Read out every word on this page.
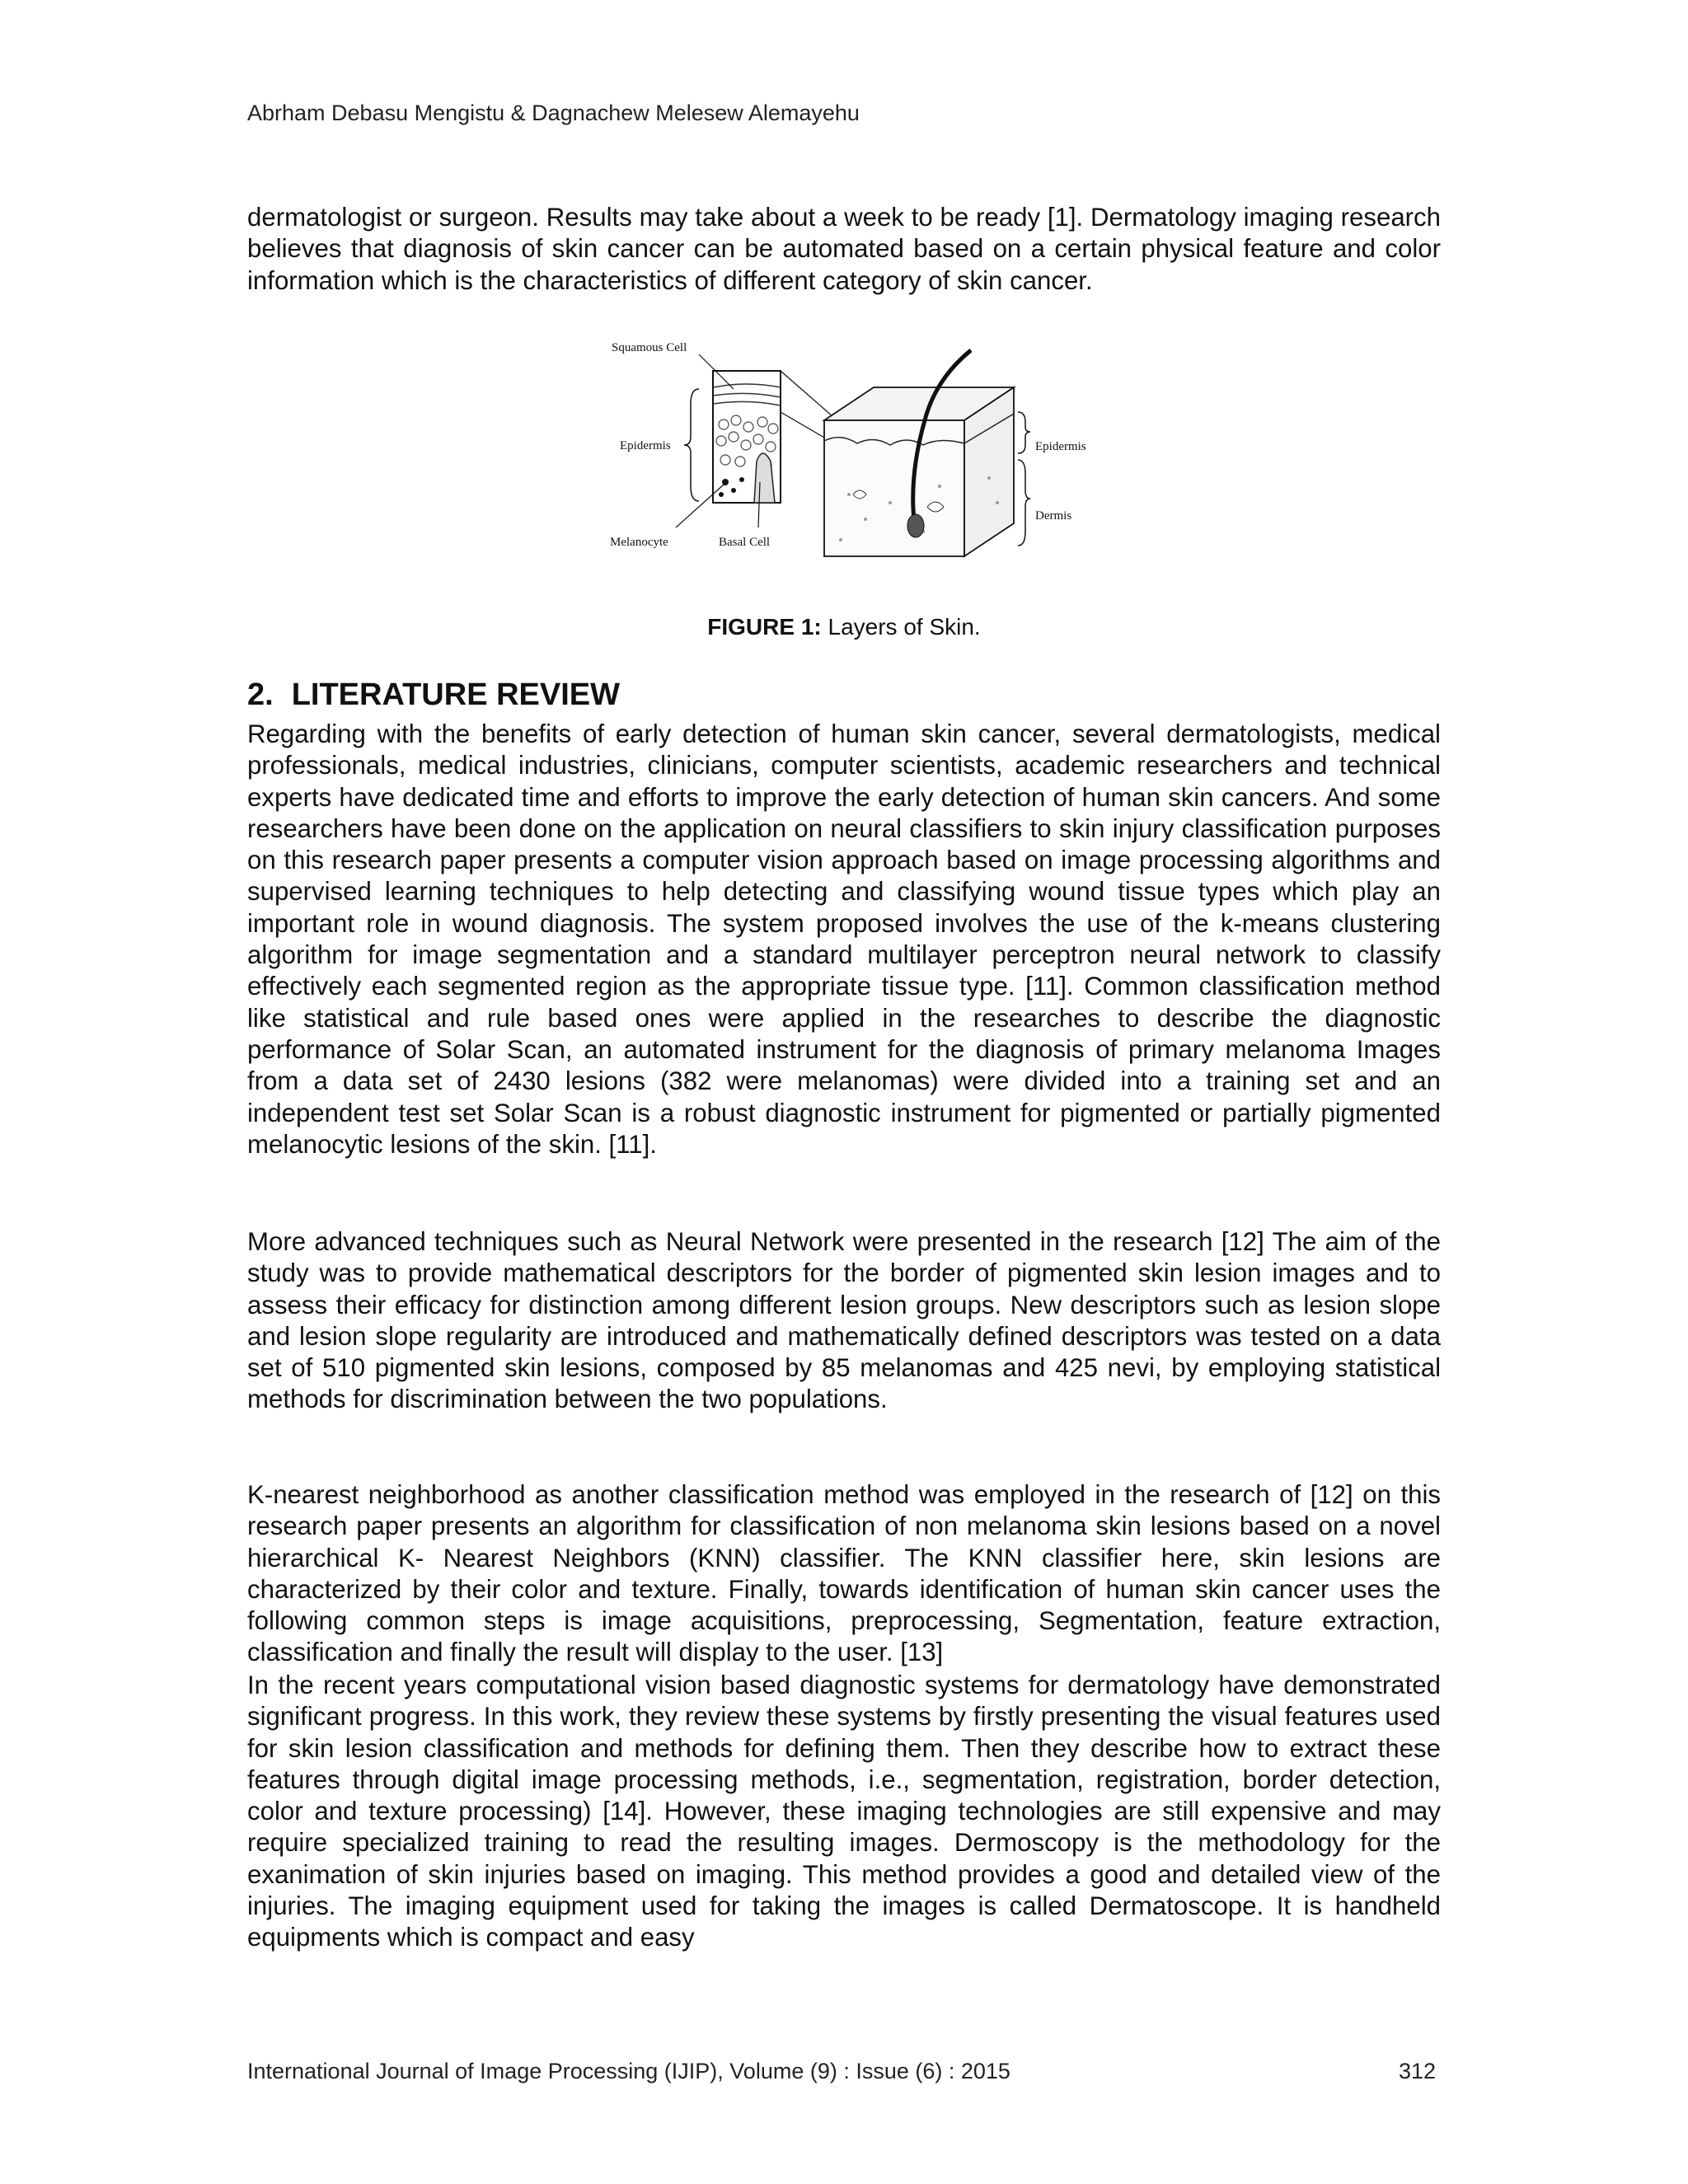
Abrham Debasu Mengistu & Dagnachew Melesew Alemayehu

dermatologist or surgeon. Results may take about a week to be ready [1]. Dermatology imaging research believes that diagnosis of skin cancer can be automated based on a certain physical feature and color information which is the characteristics of different category of skin cancer.

Squamous Cell
Epidermis
Melanocyte	Basal Cell
Epidermis
Dermis
FIGURE 1: Layers of Skin.
2. LITERATURE REVIEW

Regarding with the benefits of early detection of human skin cancer, several dermatologists, medical professionals, medical industries, clinicians, computer scientists, academic researchers and technical experts have dedicated time and efforts to improve the early detection of human skin cancers. And some researchers have been done on the application on neural classifiers to skin injury classification purposes on this research paper presents a computer vision approach based on image processing algorithms and supervised learning techniques to help detecting and classifying wound tissue types which play an important role in wound diagnosis. The system proposed involves the use of the k-means clustering algorithm for image segmentation and a standard multilayer perceptron neural network to classify effectively each segmented region as the appropriate tissue type. [11]. Common classification method like statistical and rule based ones were applied in the researches to describe the diagnostic performance of Solar Scan, an automated instrument for the diagnosis of primary melanoma Images from a data set of 2430 lesions (382 were melanomas) were divided into a training set and an independent test set Solar Scan is a robust diagnostic instrument for pigmented or partially pigmented melanocytic lesions of the skin. [11].

More advanced techniques such as Neural Network were presented in the research [12] The aim of the study was to provide mathematical descriptors for the border of pigmented skin lesion images and to assess their efficacy for distinction among different lesion groups. New descriptors such as lesion slope and lesion slope regularity are introduced and mathematically defined descriptors was tested on a data set of 510 pigmented skin lesions, composed by 85 melanomas and 425 nevi, by employing statistical methods for discrimination between the two populations.

K-nearest neighborhood as another classification method was employed in the research of [12] on this research paper presents an algorithm for classification of non melanoma skin lesions based on a novel hierarchical K- Nearest Neighbors (KNN) classifier. The KNN classifier here, skin lesions are characterized by their color and texture. Finally, towards identification of human skin cancer uses the following common steps is image acquisitions, preprocessing, Segmentation, feature extraction, classification and finally the result will display to the user. [13]

In the recent years computational vision based diagnostic systems for dermatology have demonstrated significant progress. In this work, they review these systems by firstly presenting the visual features used for skin lesion classification and methods for defining them. Then they describe how to extract these features through digital image processing methods, i.e., segmentation, registration, border detection, color and texture processing) [14]. However, these imaging technologies are still expensive and may require specialized training to read the resulting images. Dermoscopy is the methodology for the exanimation of skin injuries based on imaging. This method provides a good and detailed view of the injuries. The imaging equipment used for taking the images is called Dermatoscope. It is handheld equipments which is compact and easy

International Journal of Image Processing (IJIP), Volume (9) : Issue (6) : 2015	312
